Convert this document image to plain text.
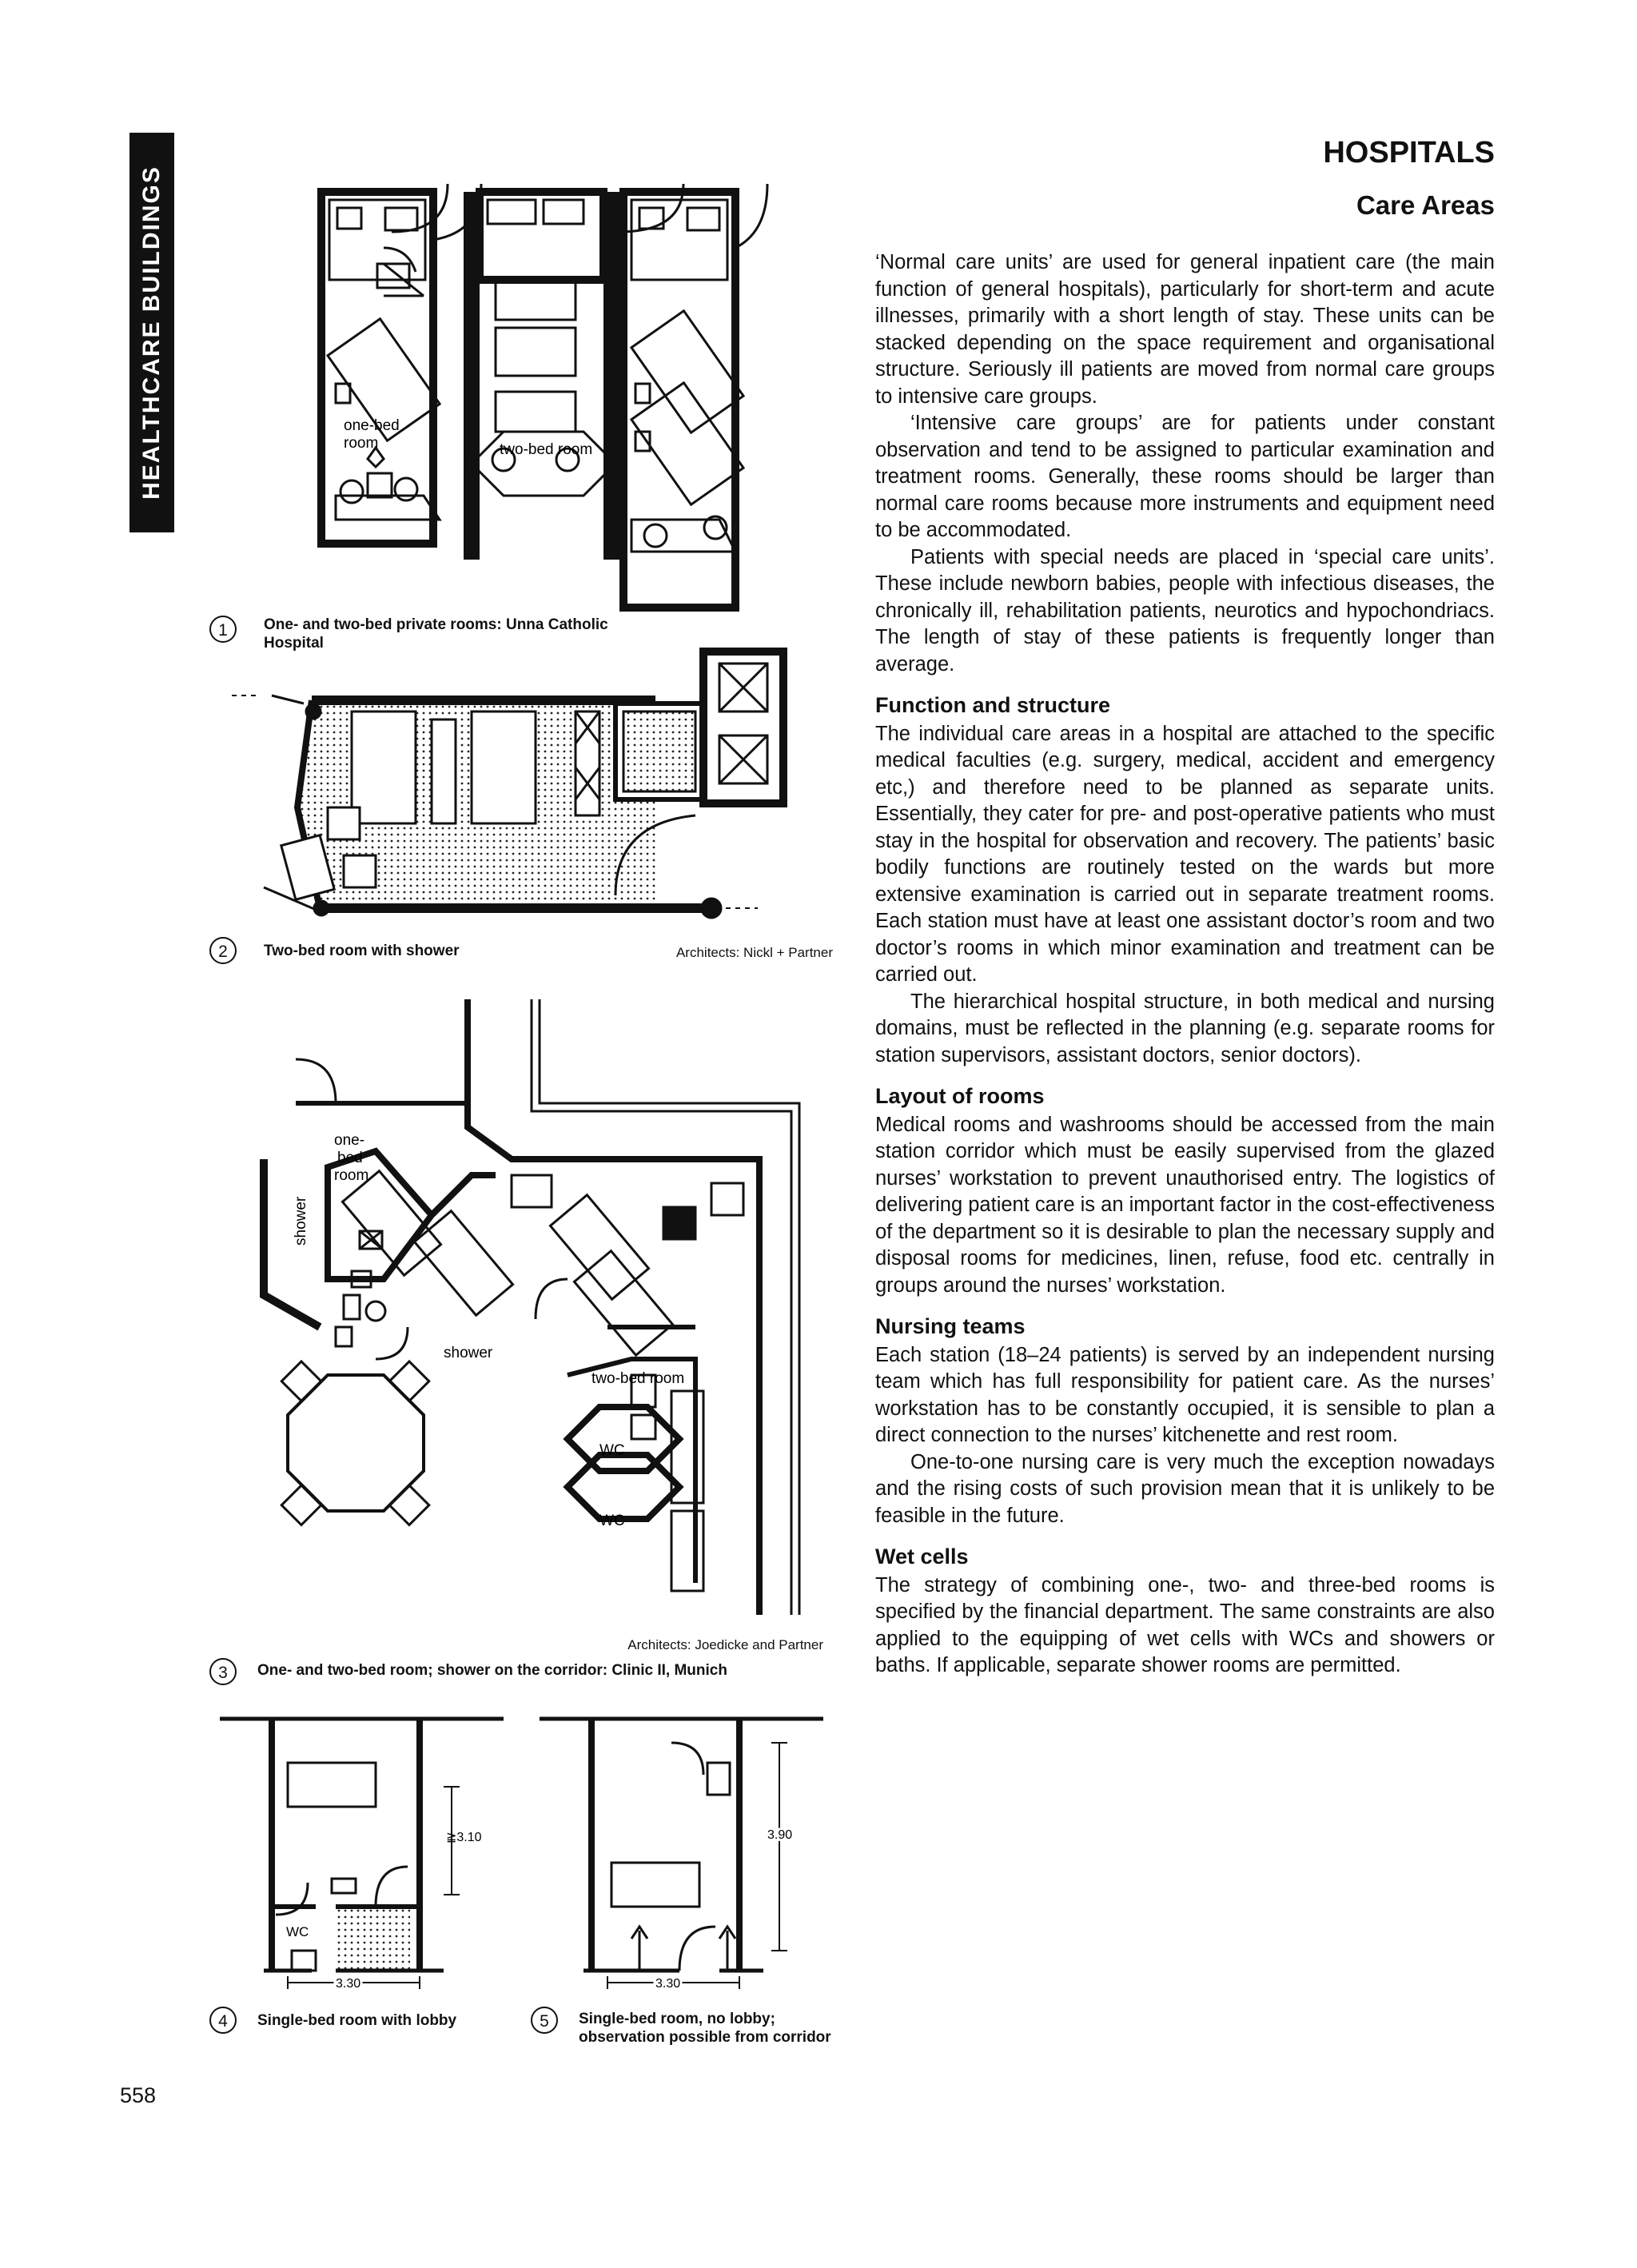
HEALTHCARE BUILDINGS
HOSPITALS
Care Areas
one-bed
room	two-bed room
1	One- and two-bed private rooms: Unna Catholic Hospital
2	Two-bed room with shower	Architects: Nickl + Partner
one-
bed
room
shower
shower
two-bed room
WC
WC
Architects: Joedicke and Partner
3	One- and two-bed room; shower on the corridor: Clinic II, Munich
WC
≧3.10
3.30
4	Single-bed room with lobby
3.90
3.30
5	Single-bed room, no lobby; observation possible from corridor
558

‘Normal care units’ are used for general inpatient care (the main function of general hospitals), particularly for short-term and acute illnesses, primarily with a short length of stay. These units can be stacked depending on the space requirement and organisational structure. Seriously ill patients are moved from normal care groups to intensive care groups.

‘Intensive care groups’ are for patients under constant observation and tend to be assigned to particular examination and treatment rooms. Generally, these rooms should be larger than normal care rooms because more instruments and equipment need to be accommodated.

Patients with special needs are placed in ‘special care units’. These include newborn babies, people with infectious diseases, the chronically ill, rehabilitation patients, neurotics and hypochondriacs. The length of stay of these patients is frequently longer than average.

Function and structure

The individual care areas in a hospital are attached to the specific medical faculties (e.g. surgery, medical, accident and emergency etc,) and therefore need to be planned as separate units. Essentially, they cater for pre- and post-operative patients who must stay in the hospital for observation and recovery. The patients’ basic bodily functions are routinely tested on the wards but more extensive examination is carried out in separate treatment rooms. Each station must have at least one assistant doctor’s room and two doctor’s rooms in which minor examination and treatment can be carried out.

The hierarchical hospital structure, in both medical and nursing domains, must be reflected in the planning (e.g. separate rooms for station supervisors, assistant doctors, senior doctors).

Layout of rooms

Medical rooms and washrooms should be accessed from the main station corridor which must be easily supervised from the glazed nurses’ workstation to prevent unauthorised entry. The logistics of delivering patient care is an important factor in the cost-effectiveness of the department so it is desirable to plan the necessary supply and disposal rooms for medicines, linen, refuse, food etc. centrally in groups around the nurses’ workstation.

Nursing teams

Each station (18–24 patients) is served by an independent nursing team which has full responsibility for patient care. As the nurses’ workstation has to be constantly occupied, it is sensible to plan a direct connection to the nurses’ kitchenette and rest room.

One-to-one nursing care is very much the exception nowadays and the rising costs of such provision mean that it is unlikely to be feasible in the future.

Wet cells

The strategy of combining one-, two- and three-bed rooms is specified by the financial department. The same constraints are also applied to the equipping of wet cells with WCs and showers or baths. If applicable, separate shower rooms are permitted.
